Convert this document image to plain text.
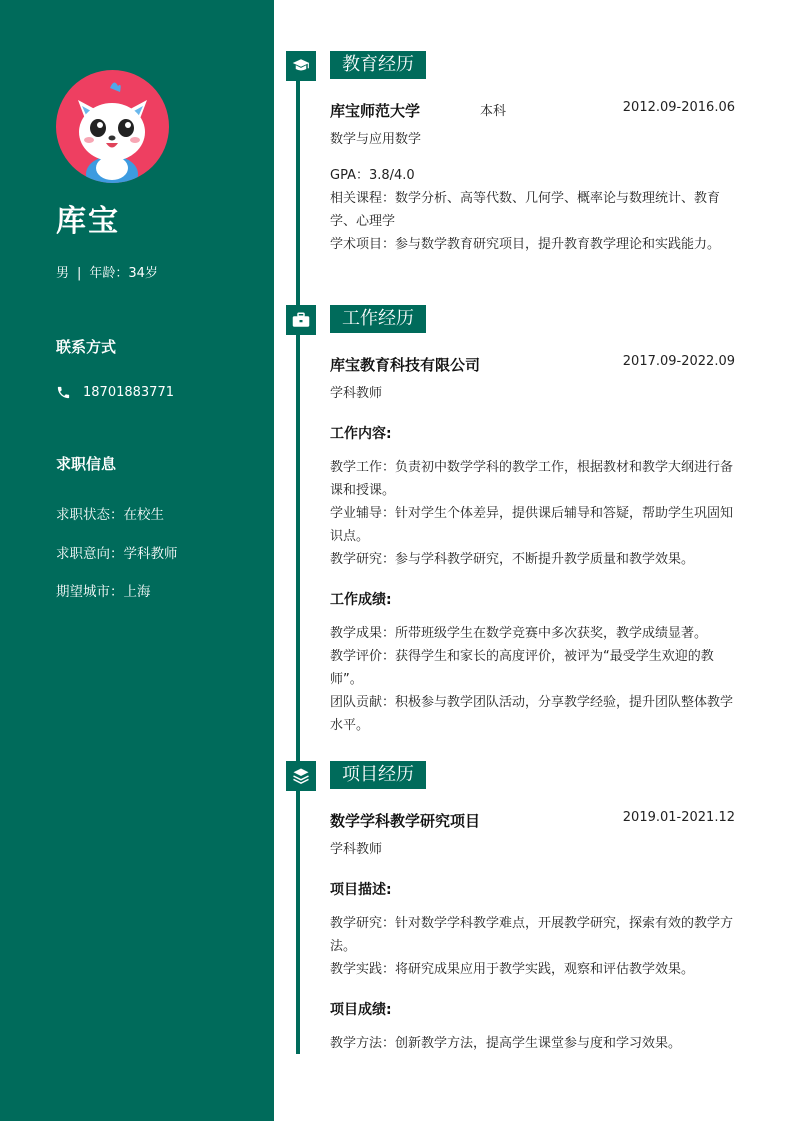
库宝
男 | 年龄：34岁
联系方式
18701883771
求职信息
求职状态：在校生
求职意向：学科教师
期望城市：上海
教育经历
库宝师范大学	本科	2012.09-2016.06
数学与应用数学
GPA：3.8/4.0
相关课程：数学分析、高等代数、几何学、概率论与数理统计、教育学、心理学
学术项目：参与数学教育研究项目，提升教育教学理论和实践能力。
工作经历
库宝教育科技有限公司	2017.09-2022.09
学科教师
工作内容:
教学工作：负责初中数学学科的教学工作，根据教材和教学大纲进行备课和授课。
学业辅导：针对学生个体差异，提供课后辅导和答疑，帮助学生巩固知识点。
教学研究：参与学科教学研究，不断提升教学质量和教学效果。
工作成绩:
教学成果：所带班级学生在数学竞赛中多次获奖，教学成绩显著。
教学评价：获得学生和家长的高度评价，被评为“最受学生欢迎的教师”。
团队贡献：积极参与教学团队活动，分享教学经验，提升团队整体教学水平。
项目经历
数学学科教学研究项目	2019.01-2021.12
学科教师
项目描述:
教学研究：针对数学学科教学难点，开展教学研究，探索有效的教学方法。
教学实践：将研究成果应用于教学实践，观察和评估教学效果。
项目成绩:
教学方法：创新教学方法，提高学生课堂参与度和学习效果。
